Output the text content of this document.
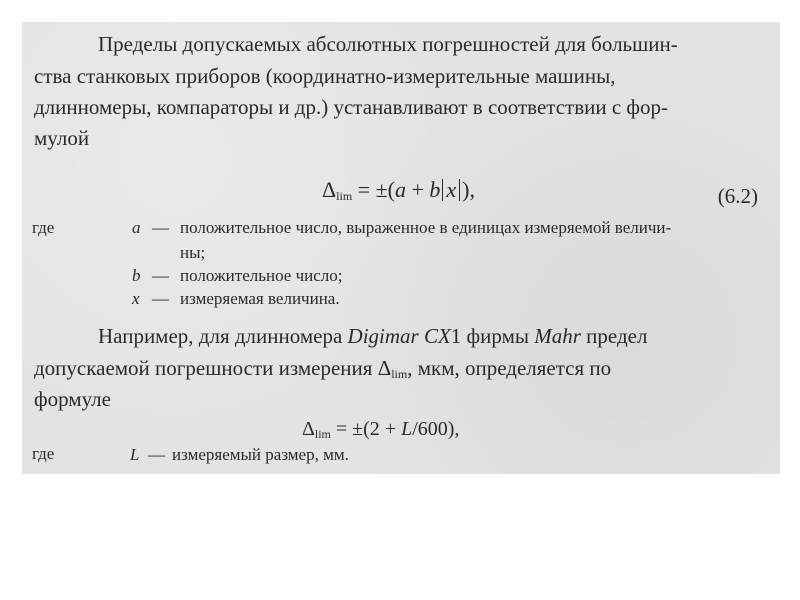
Пределы допускаемых абсолютных погрешностей для большин-
ства станковых приборов (координатно-измерительные машины,
длинномеры, компараторы и др.) устанавливают в соответствии с фор-
мулой
$\Delta_{lim} = \pm(a + b$ x ),	(6.2)
где	a — положительное число, выраженное в единицах измеряемой величи-
ны;
b — положительное число;
x — измеряемая величина.
Например, для длинномера Digimar CX1 фирмы Mahr предел
допускаемой погрешности измерения $\Delta_{lim}$, мкм, определяется по
формуле
$\Delta_{lim} = \pm(2 + L/600)$,
где	L — измеряемый размер, мм.
